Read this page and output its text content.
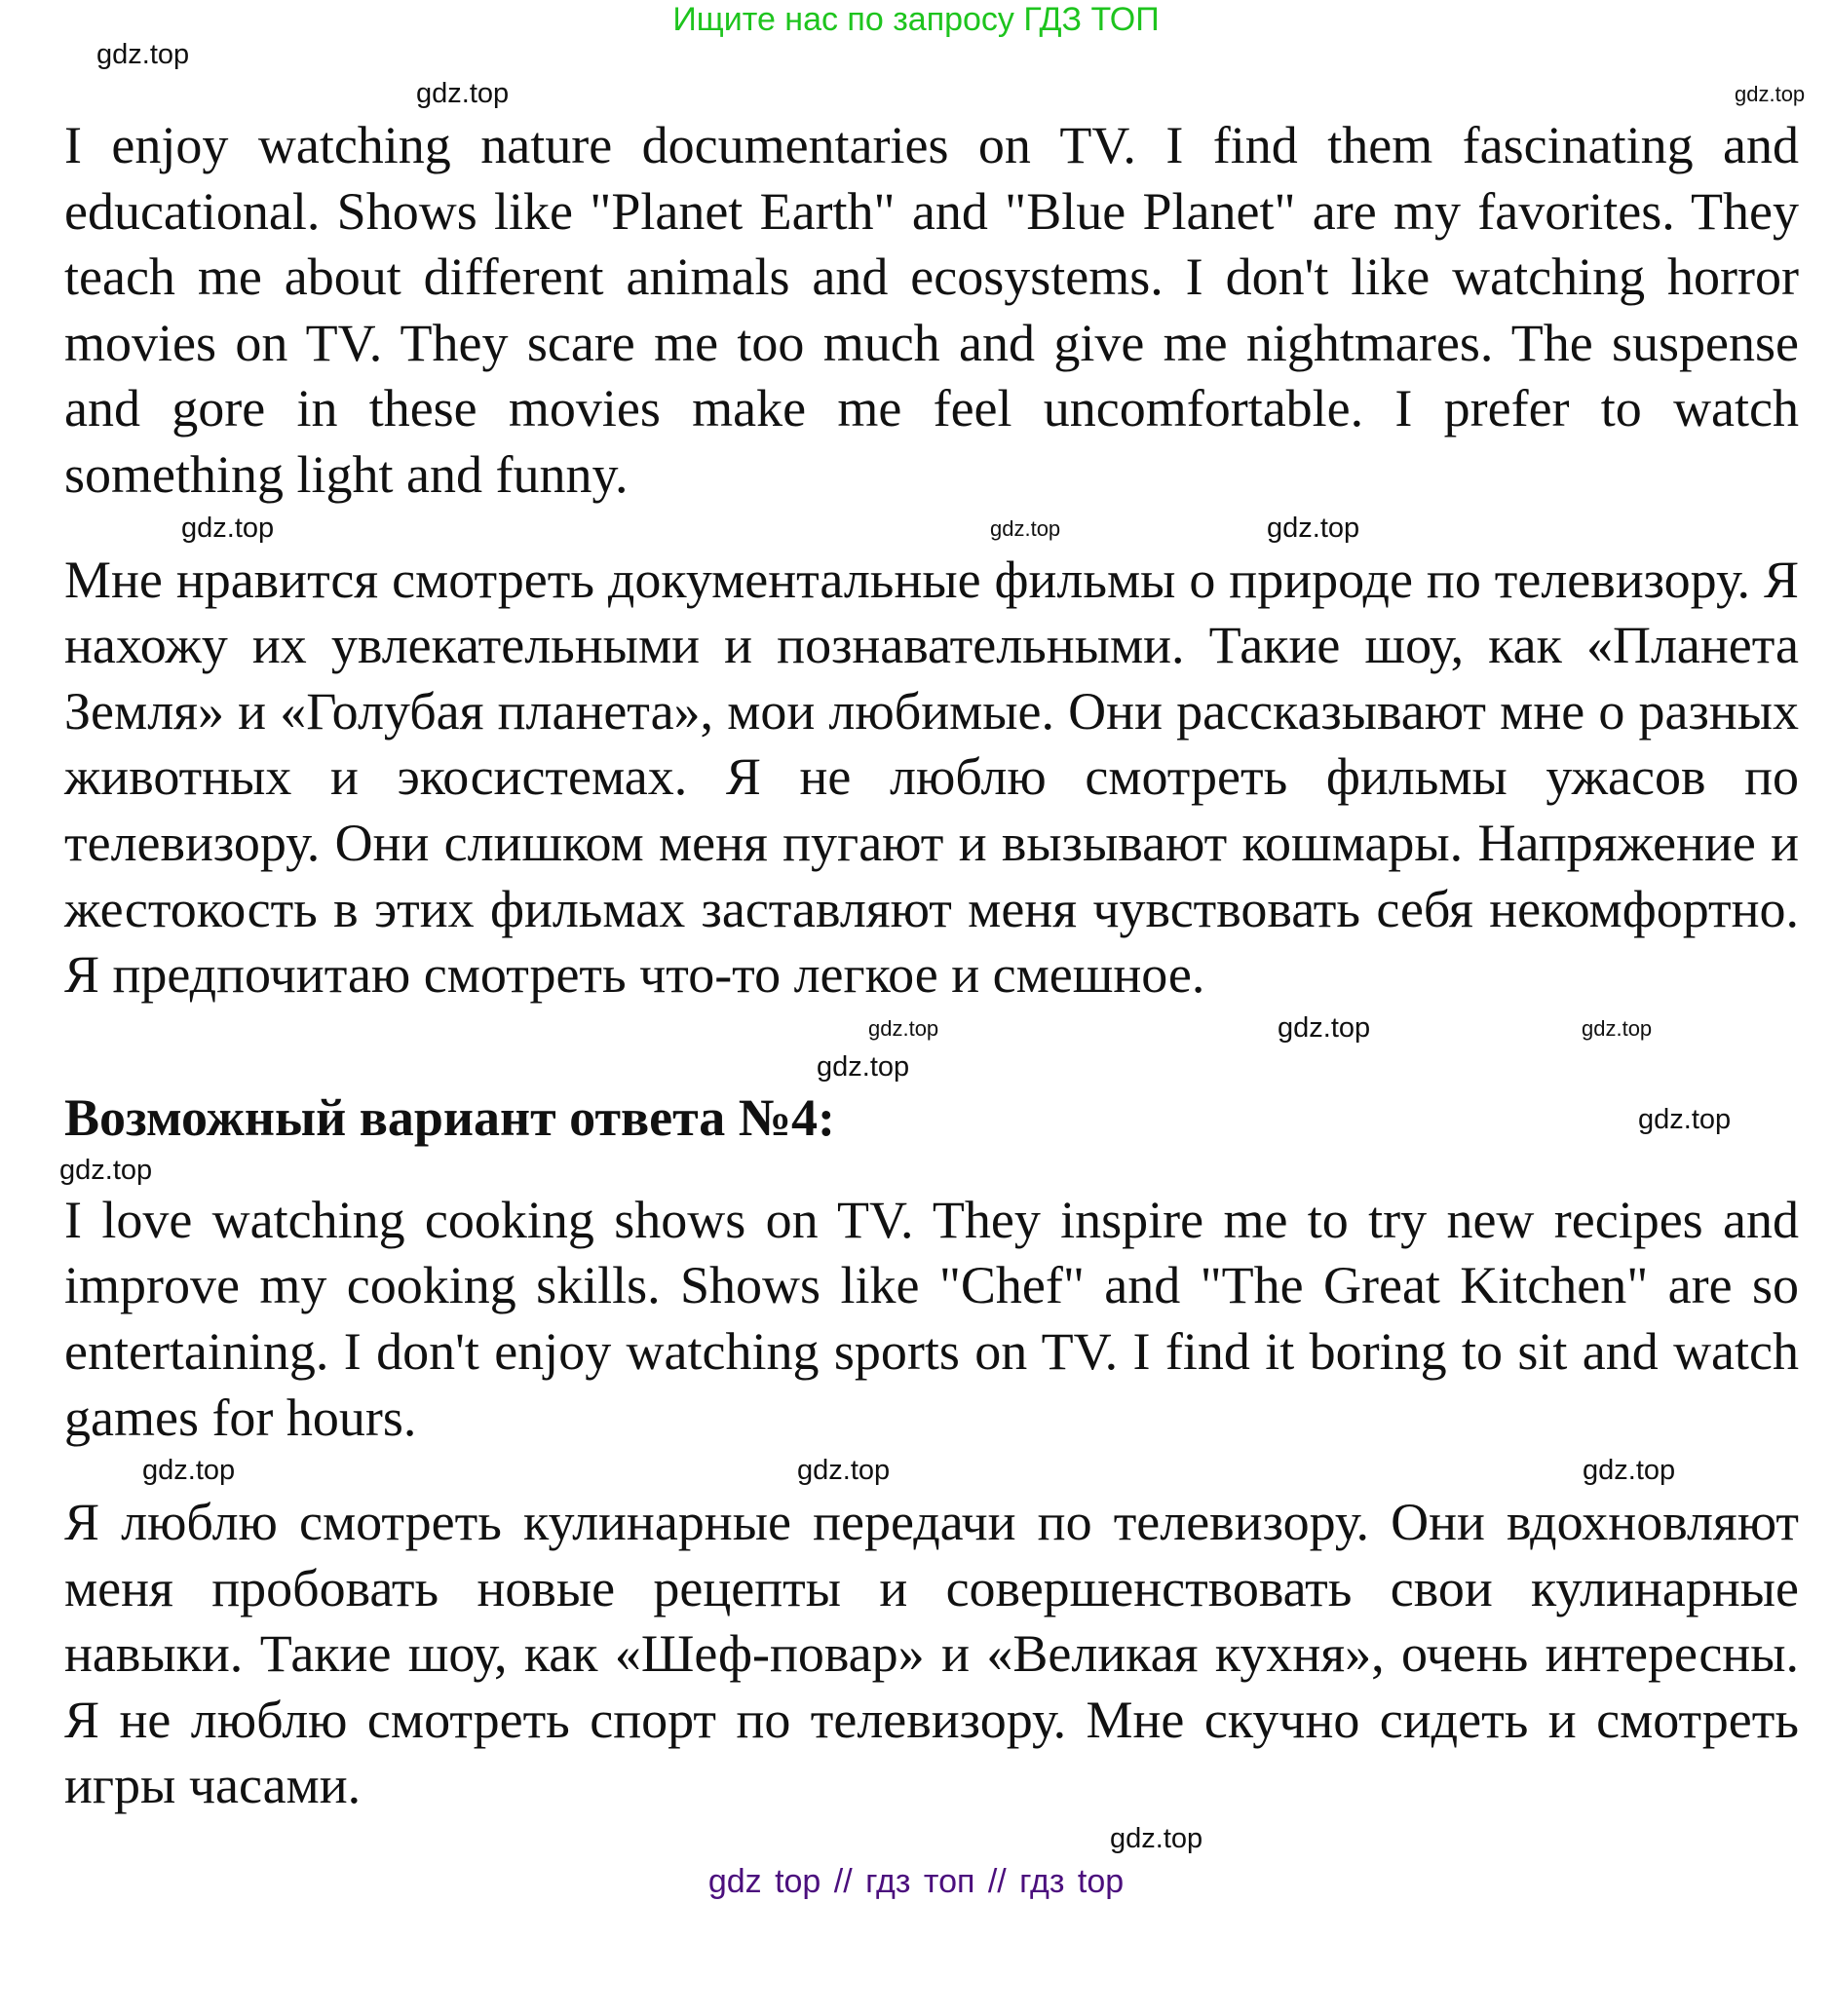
Ищите нас по запросу ГДЗ ТОП
gdz.top
gdz.top	gdz.top

I enjoy watching nature documentaries on TV. I find them fascinating and educational. Shows like "Planet Earth" and "Blue Planet" are my favorites. They teach me about different animals and ecosystems. I don't like watching horror movies on TV. They scare me too much and give me nightmares. The suspense and gore in these movies make me feel uncomfortable. I prefer to watch something light and funny.

gdz.top	gdz.top	gdz.top

Мне нравится смотреть документальные фильмы о природе по телевизору. Я нахожу их увлекательными и познавательными. Такие шоу, как «Планета Земля» и «Голубая планета», мои любимые. Они рассказывают мне о разных животных и экосистемах. Я не люблю смотреть фильмы ужасов по телевизору. Они слишком меня пугают и вызывают кошмары. Напряжение и жестокость в этих фильмах заставляют меня чувствовать себя некомфортно. Я предпочитаю смотреть что-то легкое и смешное.

gdz.top	gdz.top	gdz.top
gdz.top
Возможный вариант ответа №4:	gdz.top
gdz.top

I love watching cooking shows on TV. They inspire me to try new recipes and improve my cooking skills. Shows like "Chef" and "The Great Kitchen" are so entertaining. I don't enjoy watching sports on TV. I find it boring to sit and watch games for hours.

gdz.top	gdz.top	gdz.top

Я люблю смотреть кулинарные передачи по телевизору. Они вдохновляют меня пробовать новые рецепты и совершенствовать свои кулинарные навыки. Такие шоу, как «Шеф-повар» и «Великая кухня», очень интересны. Я не люблю смотреть спорт по телевизору. Мне скучно сидеть и смотреть игры часами.

gdz.top
gdz top // гдз топ // гдз top
